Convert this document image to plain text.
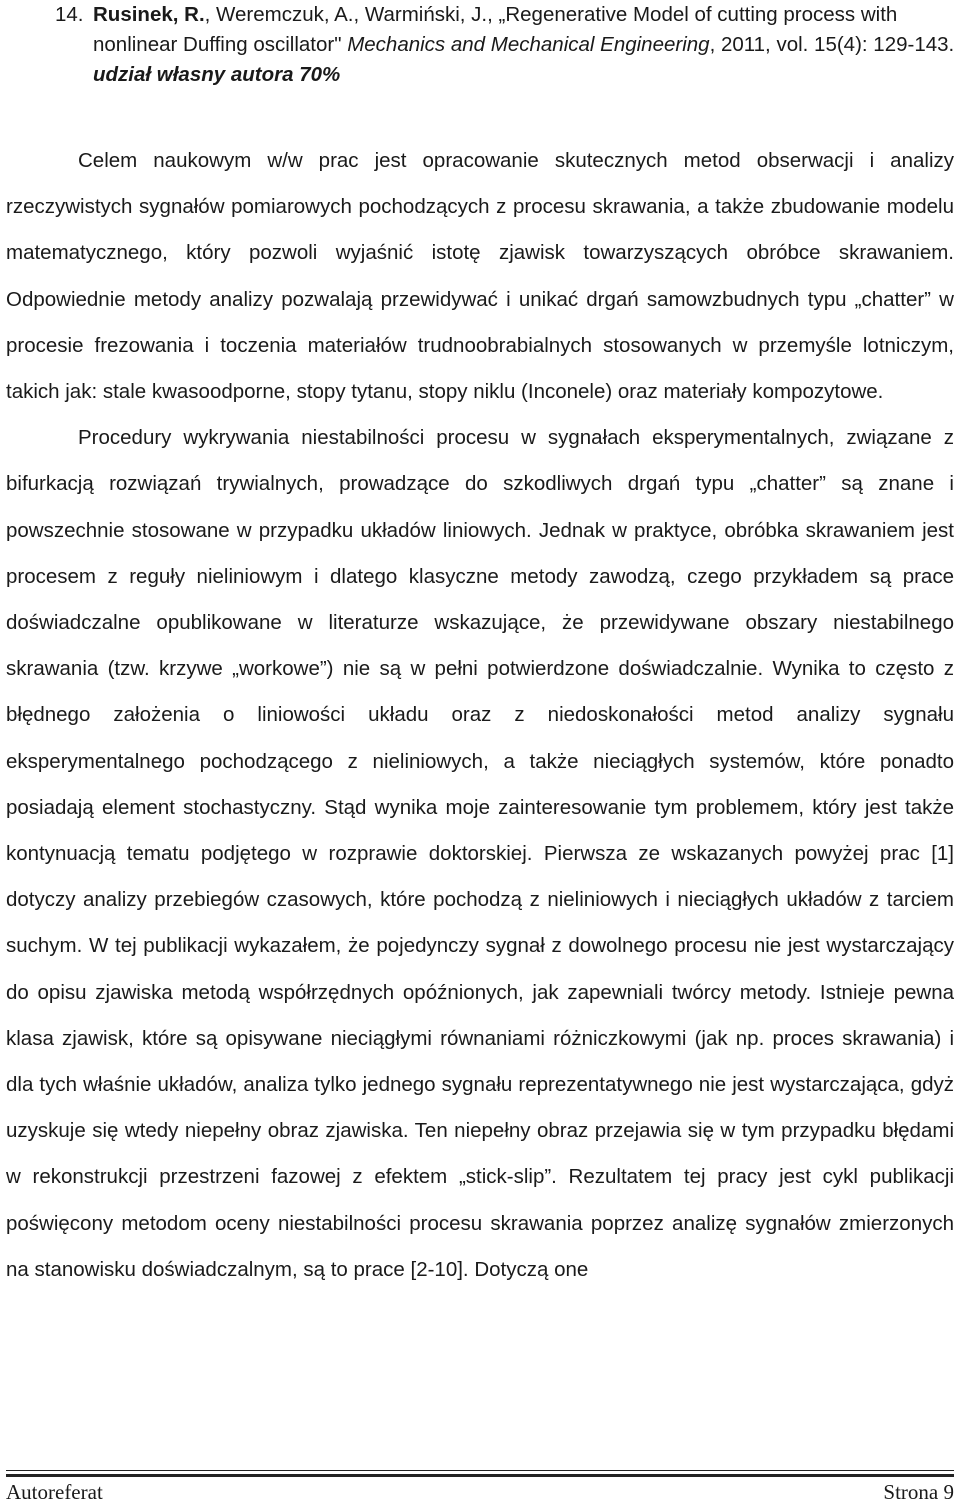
14. Rusinek, R., Weremczuk, A., Warmiński, J., „Regenerative Model of cutting process with nonlinear Duffing oscillator" Mechanics and Mechanical Engineering, 2011, vol. 15(4): 129-143.
udział własny autora 70%

Celem naukowym w/w prac jest opracowanie skutecznych metod obserwacji i analizy rzeczywistych sygnałów pomiarowych pochodzących z procesu skrawania, a także zbudowanie modelu matematycznego, który pozwoli wyjaśnić istotę zjawisk towarzyszących obróbce skrawaniem. Odpowiednie metody analizy pozwalają przewidywać i unikać drgań samowzbudnych typu „chatter” w procesie frezowania i toczenia materiałów trudnoobrabialnych stosowanych w przemyśle lotniczym, takich jak: stale kwasoodporne, stopy tytanu, stopy niklu (Inconele) oraz materiały kompozytowe.

Procedury wykrywania niestabilności procesu w sygnałach eksperymentalnych, związane z bifurkacją rozwiązań trywialnych, prowadzące do szkodliwych drgań typu „chatter” są znane i powszechnie stosowane w przypadku układów liniowych. Jednak w praktyce, obróbka skrawaniem jest procesem z reguły nieliniowym i dlatego klasyczne metody zawodzą, czego przykładem są prace doświadczalne opublikowane w literaturze wskazujące, że przewidywane obszary niestabilnego skrawania (tzw. krzywe „workowe”) nie są w pełni potwierdzone doświadczalnie. Wynika to często z błędnego założenia o liniowości układu oraz z niedoskonałości metod analizy sygnału eksperymentalnego pochodzącego z nieliniowych, a także nieciągłych systemów, które ponadto posiadają element stochastyczny. Stąd wynika moje zainteresowanie tym problemem, który jest także kontynuacją tematu podjętego w rozprawie doktorskiej. Pierwsza ze wskazanych powyżej prac [1] dotyczy analizy przebiegów czasowych, które pochodzą z nieliniowych i nieciągłych układów z tarciem suchym. W tej publikacji wykazałem, że pojedynczy sygnał z dowolnego procesu nie jest wystarczający do opisu zjawiska metodą współrzędnych opóźnionych, jak zapewniali twórcy metody. Istnieje pewna klasa zjawisk, które są opisywane nieciągłymi równaniami różniczkowymi (jak np. proces skrawania) i dla tych właśnie układów, analiza tylko jednego sygnału reprezentatywnego nie jest wystarczająca, gdyż uzyskuje się wtedy niepełny obraz zjawiska. Ten niepełny obraz przejawia się w tym przypadku błędami w rekonstrukcji przestrzeni fazowej z efektem „stick-slip”. Rezultatem tej pracy jest cykl publikacji poświęcony metodom oceny niestabilności procesu skrawania poprzez analizę sygnałów zmierzonych na stanowisku doświadczalnym, są to prace [2-10]. Dotyczą one

Autoreferat	Strona 9
